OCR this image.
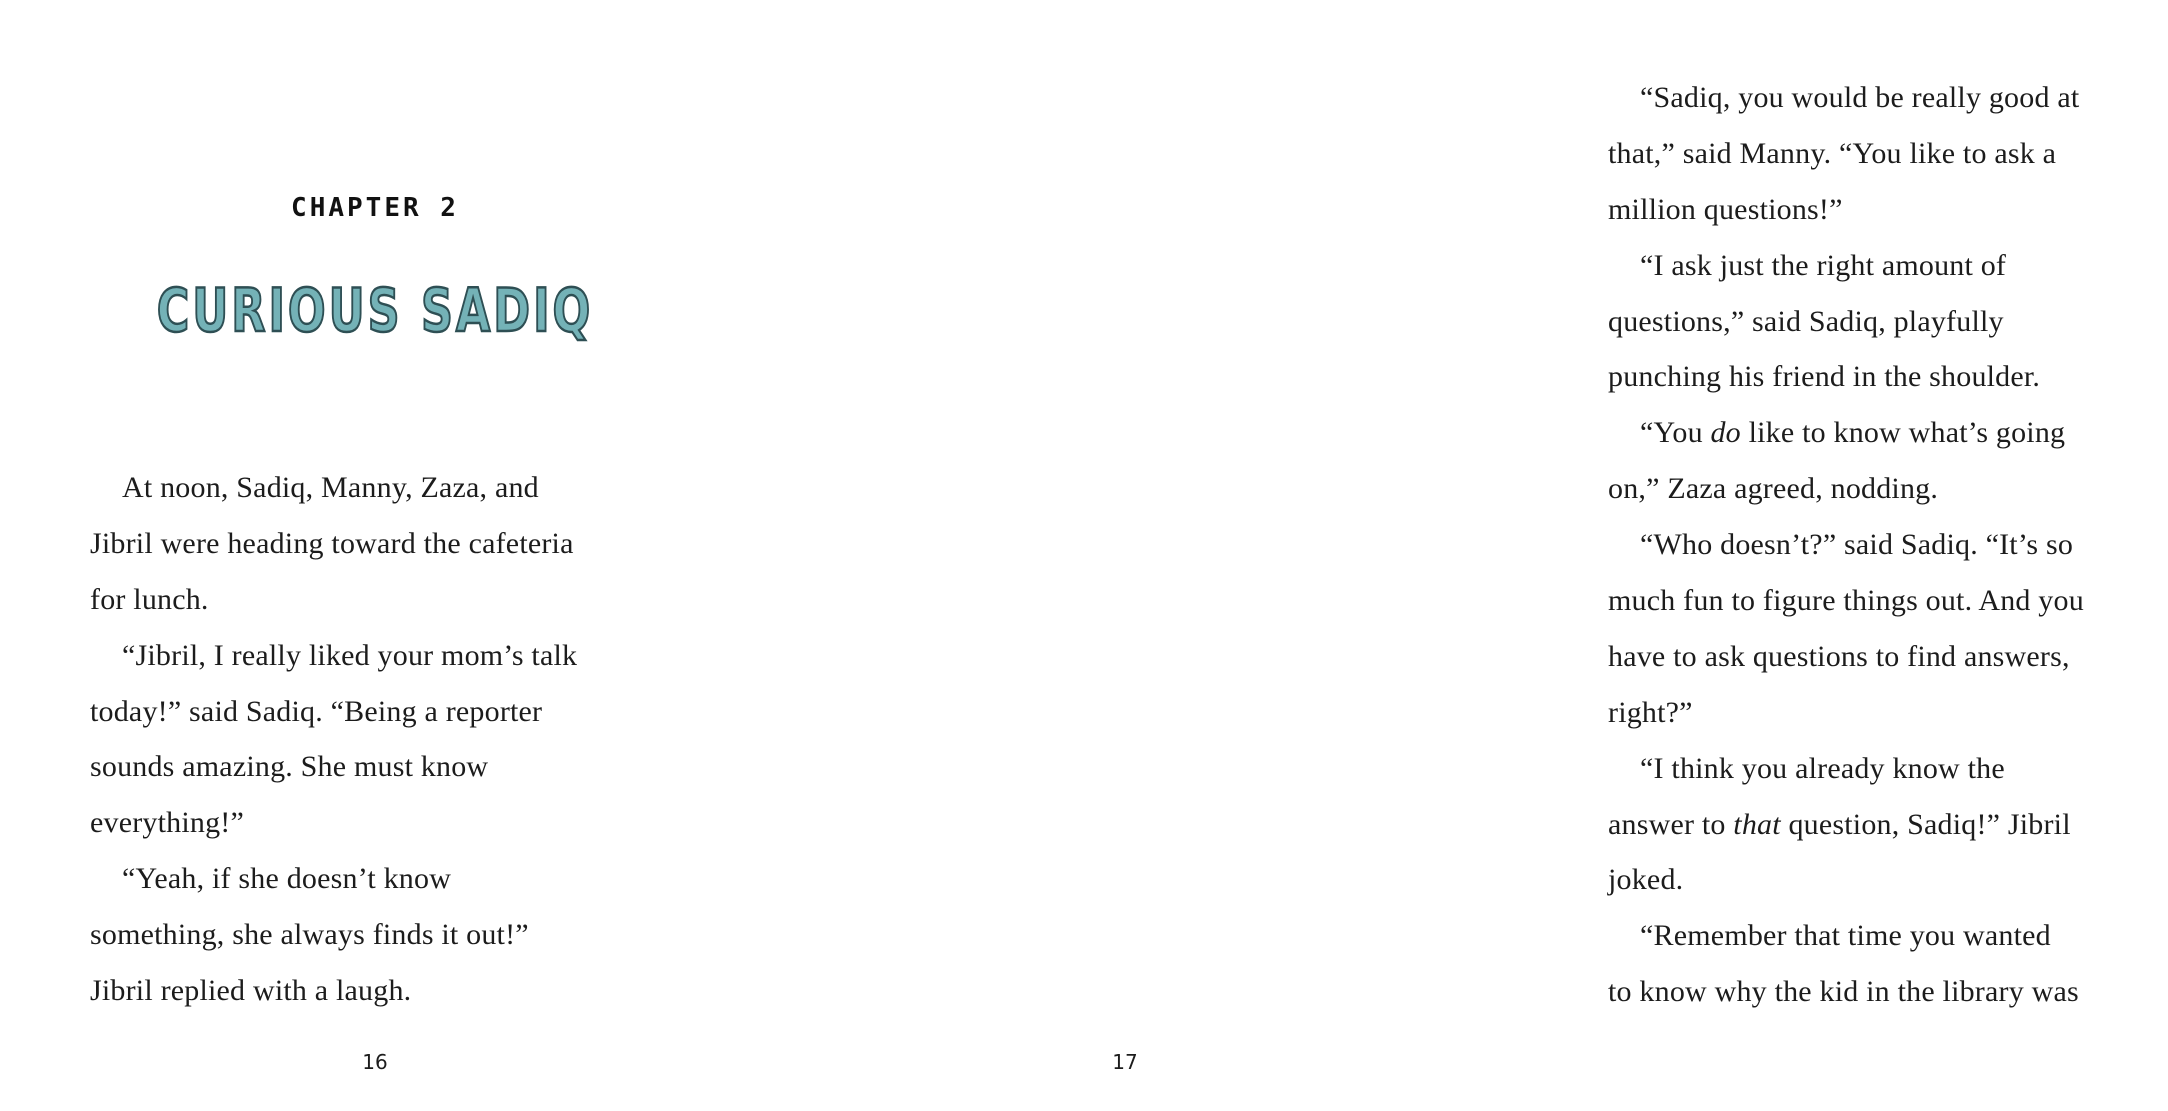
CHAPTER 2
CURIOUS SADIQ
At noon, Sadiq, Manny, Zaza, and
Jibril were heading toward the cafeteria
for lunch.
“Jibril, I really liked your mom’s talk
today!” said Sadiq. “Being a reporter
sounds amazing. She must know
everything!”
“Yeah, if she doesn’t know
something, she always finds it out!”
Jibril replied with a laugh.
16
“Sadiq, you would be really good at
that,” said Manny. “You like to ask a
million questions!”
“I ask just the right amount of
questions,” said Sadiq, playfully
punching his friend in the shoulder.
“You do like to know what’s going
on,” Zaza agreed, nodding.
“Who doesn’t?” said Sadiq. “It’s so
much fun to figure things out. And you
have to ask questions to find answers,
right?”
“I think you already know the
answer to that question, Sadiq!” Jibril
joked.
“Remember that time you wanted
to know why the kid in the library was
17
